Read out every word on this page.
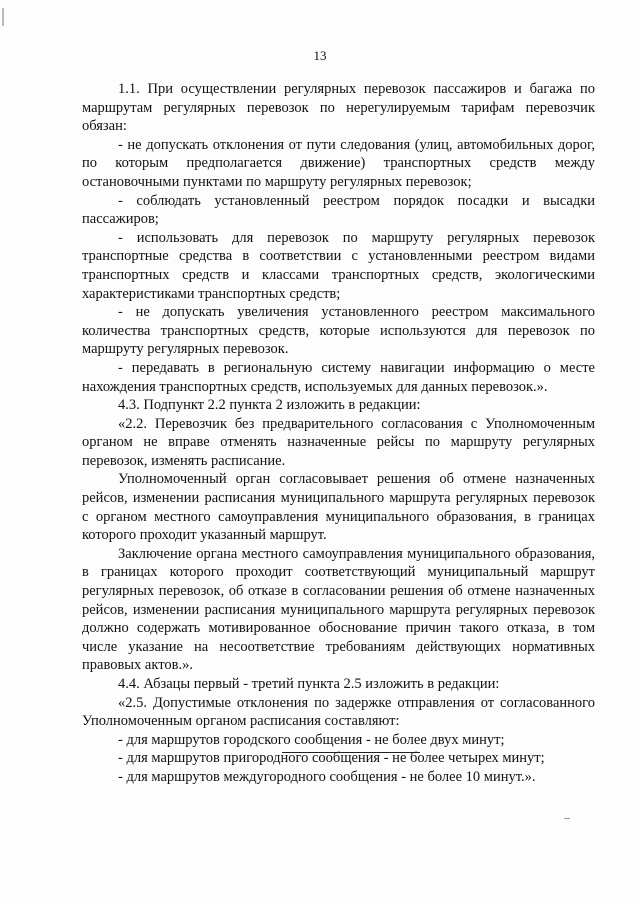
13

1.1. При осуществлении регулярных перевозок пассажиров и багажа по маршрутам регулярных перевозок по нерегулируемым тарифам перевозчик обязан:

- не допускать отклонения от пути следования (улиц, автомобильных дорог, по которым предполагается движение) транспортных средств между остановочными пунктами по маршруту регулярных перевозок;

- соблюдать установленный реестром порядок посадки и высадки пассажиров;

- использовать для перевозок по маршруту регулярных перевозок транспортные средства в соответствии с установленными реестром видами транспортных средств и классами транспортных средств, экологическими характеристиками транспортных средств;

- не допускать увеличения установленного реестром максимального количества транспортных средств, которые используются для перевозок по маршруту регулярных перевозок.

- передавать в региональную систему навигации информацию о месте нахождения транспортных средств, используемых для данных перевозок.».

4.3. Подпункт 2.2 пункта 2 изложить в редакции:

«2.2. Перевозчик без предварительного согласования с Уполномоченным органом не вправе отменять назначенные рейсы по маршруту регулярных перевозок, изменять расписание.

Уполномоченный орган согласовывает решения об отмене назначенных рейсов, изменении расписания муниципального маршрута регулярных перевозок с органом местного самоуправления муниципального образования, в границах которого проходит указанный маршрут.

Заключение органа местного самоуправления муниципального образования, в границах которого проходит соответствующий муниципальный маршрут регулярных перевозок, об отказе в согласовании решения об отмене назначенных рейсов, изменении расписания муниципального маршрута регулярных перевозок должно содержать мотивированное обоснование причин такого отказа, в том числе указание на несоответствие требованиям действующих нормативных правовых актов.».

4.4. Абзацы первый - третий пункта 2.5 изложить в редакции:

«2.5. Допустимые отклонения по задержке отправления от согласованного Уполномоченным органом расписания составляют:

- для маршрутов городского сообщения - не более двух минут;

- для маршрутов пригородного сообщения - не более четырех минут;

- для маршрутов междугородного сообщения - не более 10 минут.».
